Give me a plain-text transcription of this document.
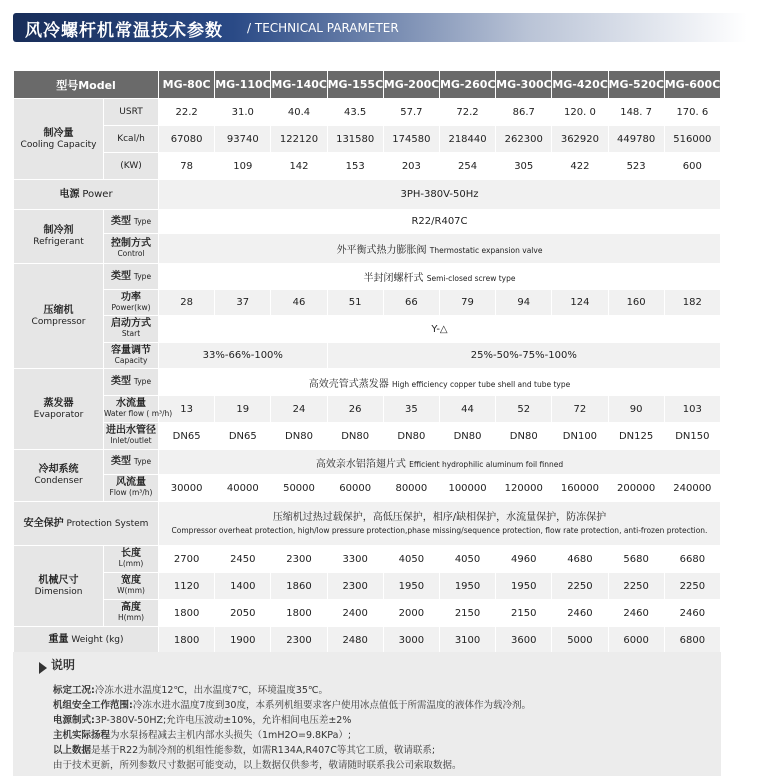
风冷螺杆机常温技术参数 / TECHNICAL PARAMETER
型号Model		MG-80C	MG-110C	MG-140C	MG-155C	MG-200C	MG-260C	MG-300C	MG-420C	MG-520C	MG-600C
制冷量
Cooling Capacity	USRT	22.2	31.0	40.4	43.5	57.7	72.2	86.7	120. 0	148. 7	170. 6
	Kcal/h	67080	93740	122120	131580	174580	218440	262300	362920	449780	516000
	(KW)	78	109	142	153	203	254	305	422	523	600
电源 Power		3PH-380V-50Hz									
制冷剂
Refrigerant	类型 Type	R22/R407C									
	控制方式
Control	外平衡式热力膨胀阀 Thermostatic expansion valve									
压缩机
Compressor	类型 Type	半封闭螺杆式 Semi-closed screw type									
	功率
Power(kw)	28	37	46	51	66	79	94	124	160	182
	启动方式
Start	Y-△									
	容量调节
Capacity	33%-66%-100%			25%-50%-75%-100%						
蒸发器
Evaporator	类型 Type	高效壳管式蒸发器 High efficiency copper tube shell and tube type									
	水流量
Water flow ( m³/h)	13	19	24	26	35	44	52	72	90	103
	进出水管径
Inlet/outlet	DN65	DN65	DN80	DN80	DN80	DN80	DN80	DN100	DN125	DN150
冷却系统
Condenser	类型 Type	高效亲水铝箔翅片式 Efficient hydrophilic aluminum foil finned									
	风流量
Flow (m³/h)	30000	40000	50000	60000	80000	100000	120000	160000	200000	240000
安全保护 Protection System		压缩机过热过载保护，高低压保护，相序/缺相保护，水流量保护，防冻保护
Compressor overheat protection, high/low pressure protection,phase missing/sequence protection, flow rate protection, anti-frozen protection.									
机械尺寸
Dimension	长度
L(mm)	2700	2450	2300	3300	4050	4050	4960	4680	5680	6680
	宽度
W(mm)	1120	1400	1860	2300	1950	1950	1950	2250	2250	2250
	高度
H(mm)	1800	2050	1800	2400	2000	2150	2150	2460	2460	2460
重量 Weight (kg)		1800	1900	2300	2480	3000	3100	3600	5000	6000	6800
说明
标定工况:冷冻水进水温度12℃，出水温度7℃，环境温度35℃。
机组安全工作范围:冷冻水进水温度7度到30度，本系列机组要求客户使用冰点值低于所需温度的液体作为载冷剂。
电源制式:3P-380V-50HZ;允许电压波动±10%，允许相间电压差±2%
主机实际扬程为水泵扬程减去主机内部水头损失（1mH2O=9.8KPa）;
以上数据是基于R22为制冷剂的机组性能参数，如需R134A,R407C等其它工质，敬请联系;
由于技术更新，所列参数尺寸数据可能变动，以上数据仅供参考，敬请随时联系我公司索取数据。
